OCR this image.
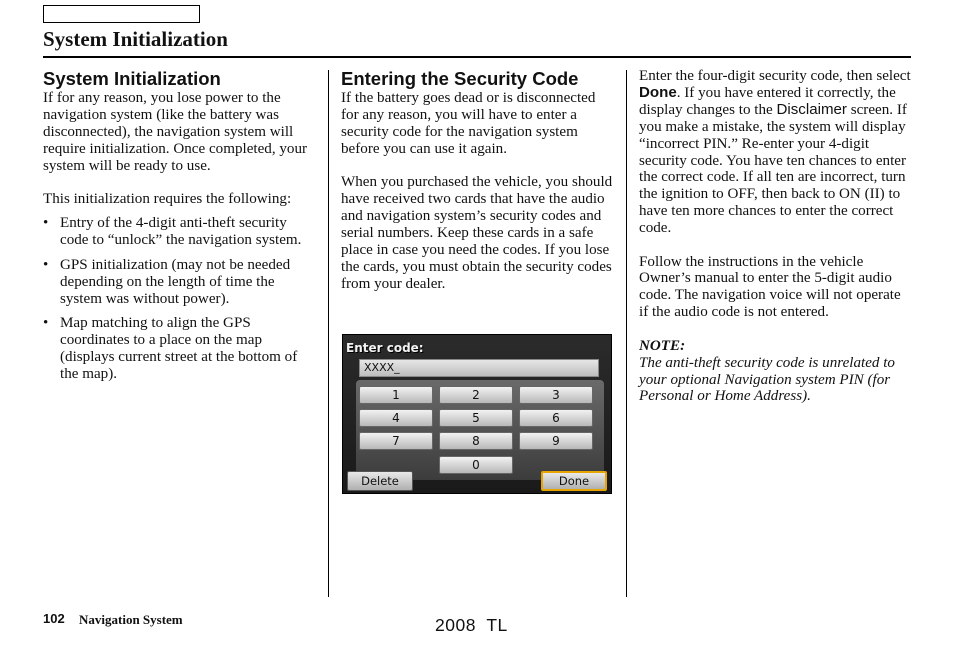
System Initialization
System Initialization

If for any reason, you lose power to the navigation system (like the battery was disconnected), the navigation system will require initialization. Once completed, your system will be ready to use.

This initialization requires the following:

• Entry of the 4-digit anti-theft security code to “unlock” the navigation system.
• GPS initialization (may not be needed depending on the length of time the system was without power).
• Map matching to align the GPS coordinates to a place on the map (displays current street at the bottom of the map).
Entering the Security Code

If the battery goes dead or is disconnected for any reason, you will have to enter a security code for the navigation system before you can use it again.

When you purchased the vehicle, you should have received two cards that have the audio and navigation system’s security codes and serial numbers. Keep these cards in a safe place in case you need the codes. If you lose the cards, you must obtain the security codes from your dealer.

Enter code:
XXXX_
1	2	3
4	5	6
7	8	9
0
Delete	Done

Enter the four-digit security code, then select Done. If you have entered it correctly, the display changes to the Disclaimer screen. If you make a mistake, the system will display “incorrect PIN.” Re-enter your 4-digit security code. You have ten chances to enter the correct code. If all ten are incorrect, turn the ignition to OFF, then back to ON (II) to have ten more chances to enter the correct code.

Follow the instructions in the vehicle Owner’s manual to enter the 5-digit audio code. The navigation voice will not operate if the audio code is not entered.

NOTE:

The anti-theft security code is unrelated to your optional Navigation system PIN (for Personal or Home Address).

102 Navigation System	2008  TL
